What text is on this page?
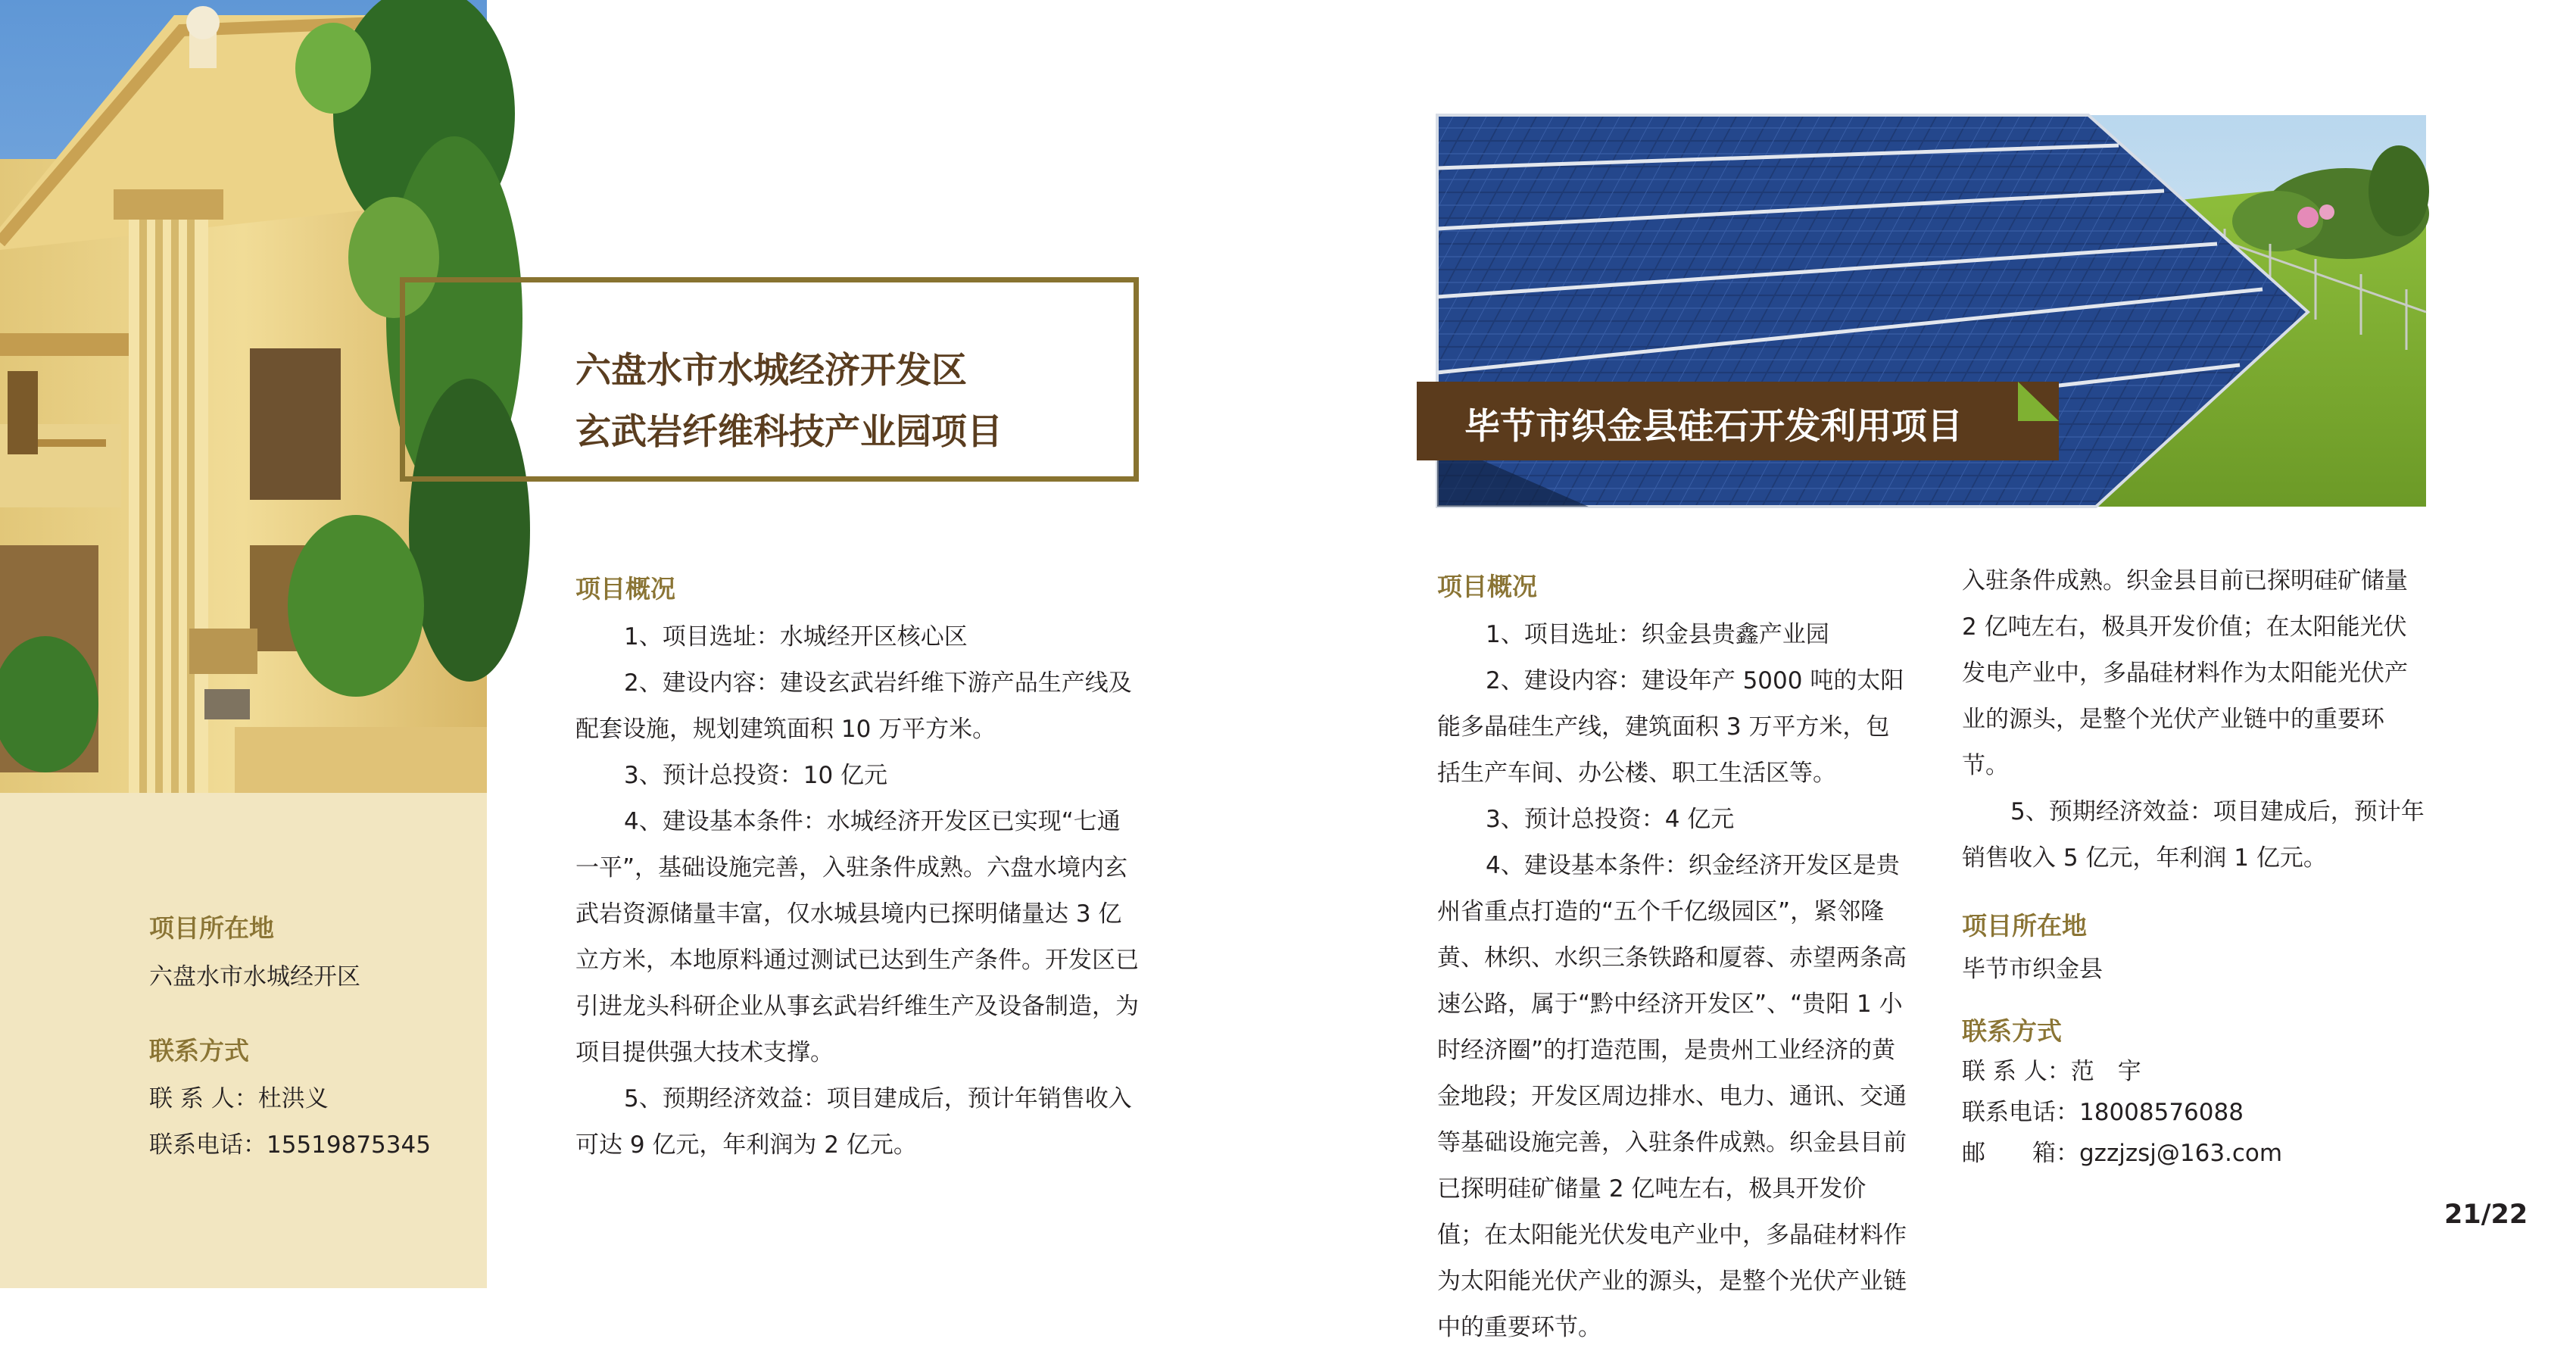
六盘水市水城经济开发区
玄武岩纤维科技产业园项目
项目概况
1、项目选址：水城经开区核心区
2、建设内容：建设玄武岩纤维下游产品生产线及配套设施，规划建筑面积 10 万平方米。
3、预计总投资：10 亿元
4、建设基本条件：水城经济开发区已实现“七通一平”，基础设施完善，入驻条件成熟。六盘水境内玄武岩资源储量丰富，仅水城县境内已探明储量达 3 亿立方米，本地原料通过测试已达到生产条件。开发区已引进龙头科研企业从事玄武岩纤维生产及设备制造，为项目提供强大技术支撑。
5、预期经济效益：项目建成后，预计年销售收入可达 9 亿元，年利润为 2 亿元。
项目所在地
六盘水市水城经开区
联系方式
联 系 人：杜洪义
联系电话：15519875345
毕节市织金县硅石开发利用项目
项目概况
1、项目选址：织金县贵鑫产业园
2、建设内容：建设年产 5000 吨的太阳能多晶硅生产线，建筑面积 3 万平方米，包括生产车间、办公楼、职工生活区等。
3、预计总投资：4 亿元
4、建设基本条件：织金经济开发区是贵州省重点打造的“五个千亿级园区”，紧邻隆黄、林织、水织三条铁路和厦蓉、赤望两条高速公路，属于“黔中经济开发区”、“贵阳 1 小时经济圈”的打造范围，是贵州工业经济的黄金地段；开发区周边排水、电力、通讯、交通等基础设施完善，入驻条件成熟。织金县目前已探明硅矿储量 2 亿吨左右，极具开发价值；在太阳能光伏发电产业中，多晶硅材料作为太阳能光伏产业的源头，是整个光伏产业链中的重要环节。
入驻条件成熟。织金县目前已探明硅矿储量 2 亿吨左右，极具开发价值；在太阳能光伏发电产业中，多晶硅材料作为太阳能光伏产业的源头，是整个光伏产业链中的重要环节。
5、预期经济效益：项目建成后，预计年销售收入 5 亿元，年利润 1 亿元。
项目所在地
毕节市织金县
联系方式
联 系 人：范　宇
联系电话：18008576088
邮　　箱：gzzjzsj@163.com
21/22
